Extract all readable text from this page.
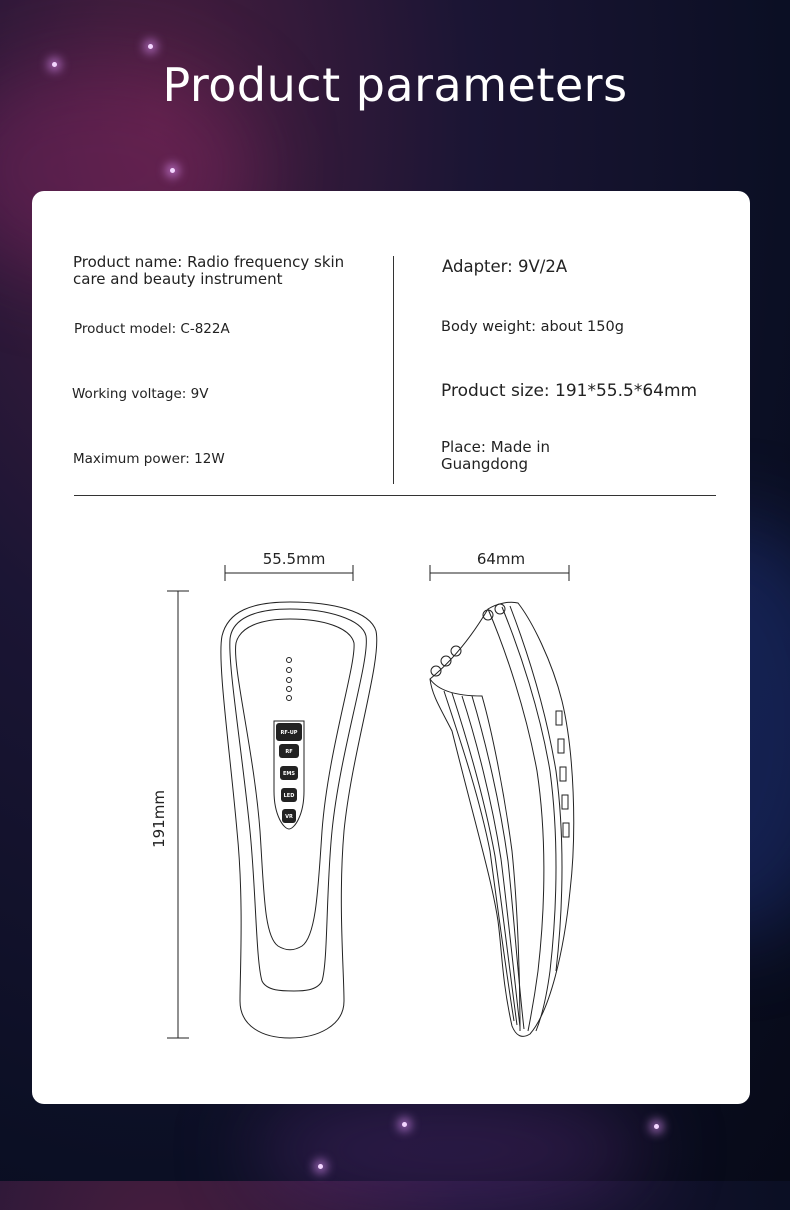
Product parameters
Product name: Radio frequency skin care and beauty instrument
Product model: C-822A
Working voltage: 9V
Maximum power: 12W
Adapter: 9V/2A
Body weight: about 150g
Product size: 191*55.5*64mm
Place: Made in Guangdong
RF-UP
RF
EMS
LED
VR
55.5mm	64mm
191mm
